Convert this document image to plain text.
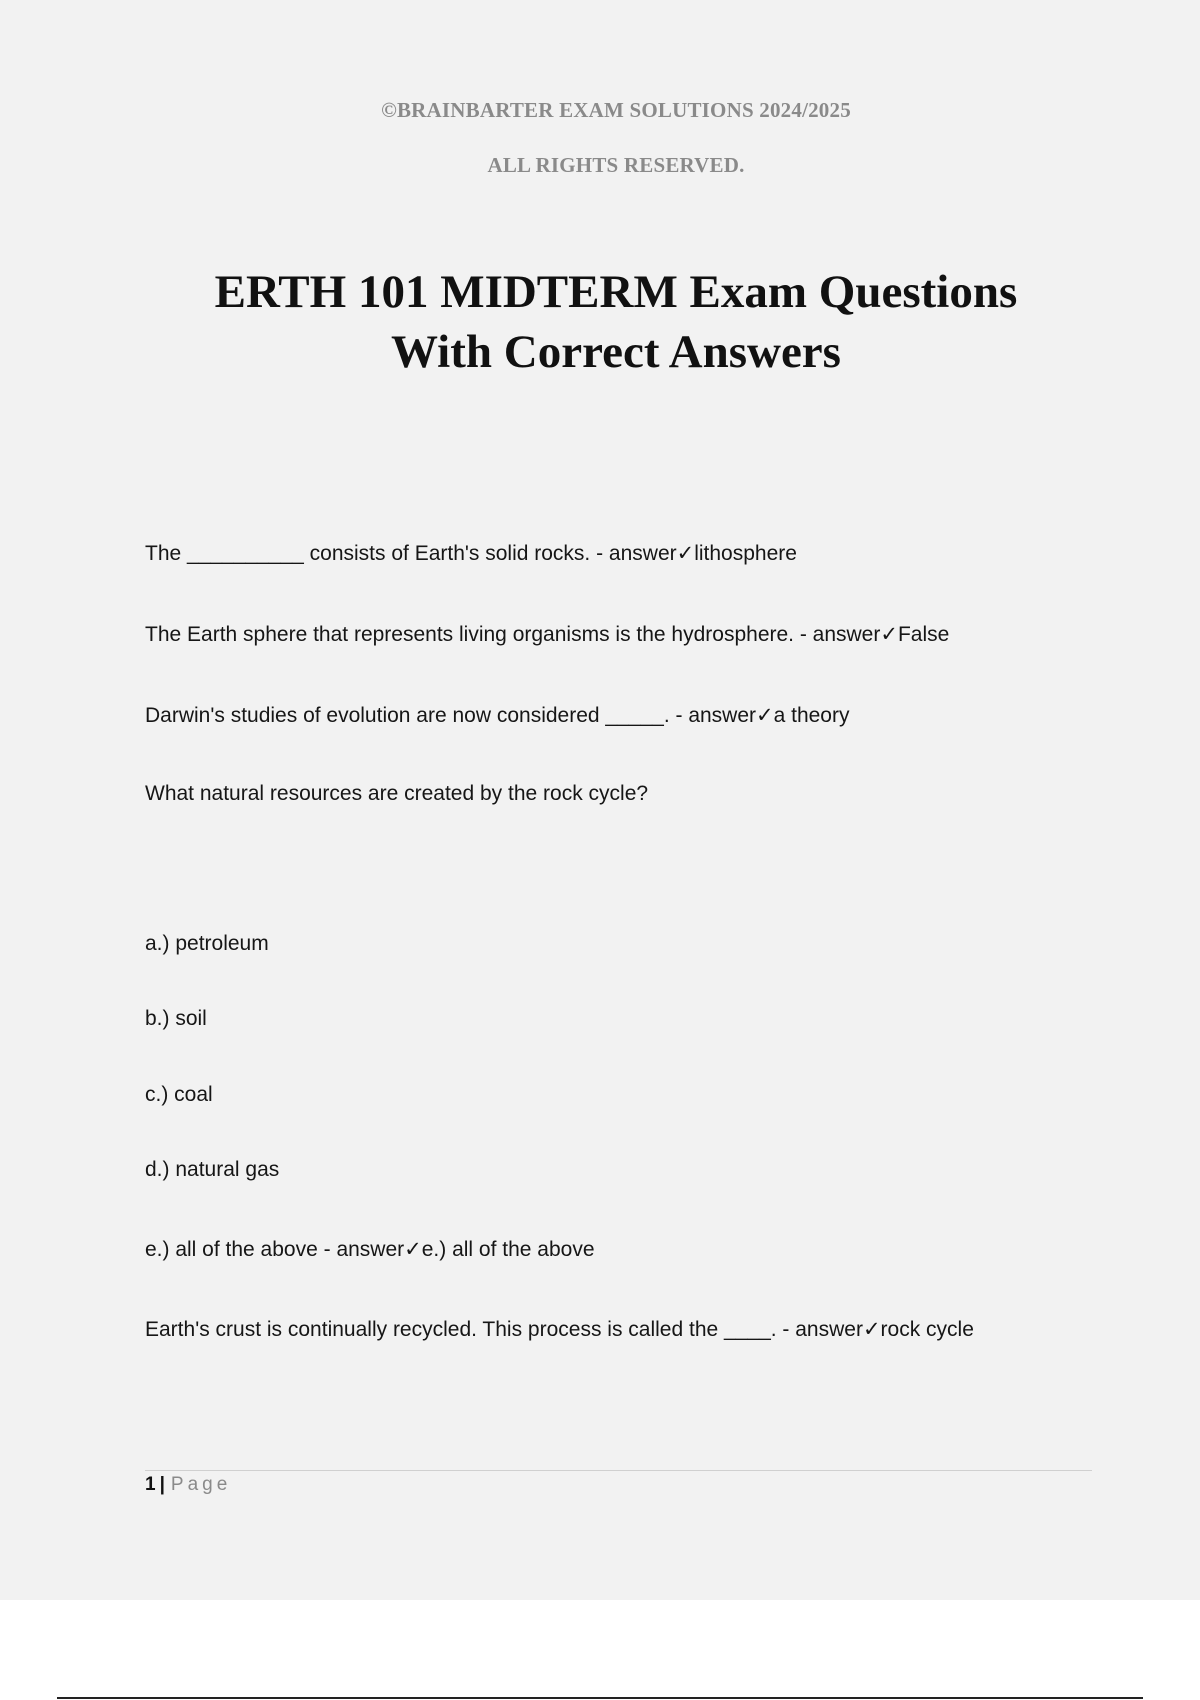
©BRAINBARTER EXAM SOLUTIONS 2024/2025
ALL RIGHTS RESERVED.
ERTH 101 MIDTERM Exam Questions
With Correct Answers
The __________ consists of Earth's solid rocks. - answer✓lithosphere
The Earth sphere that represents living organisms is the hydrosphere. - answer✓False
Darwin's studies of evolution are now considered _____. - answer✓a theory
What natural resources are created by the rock cycle?
a.) petroleum
b.) soil
c.) coal
d.) natural gas
e.) all of the above - answer✓e.) all of the above
Earth's crust is continually recycled. This process is called the ____. - answer✓rock cycle
1 | Page
